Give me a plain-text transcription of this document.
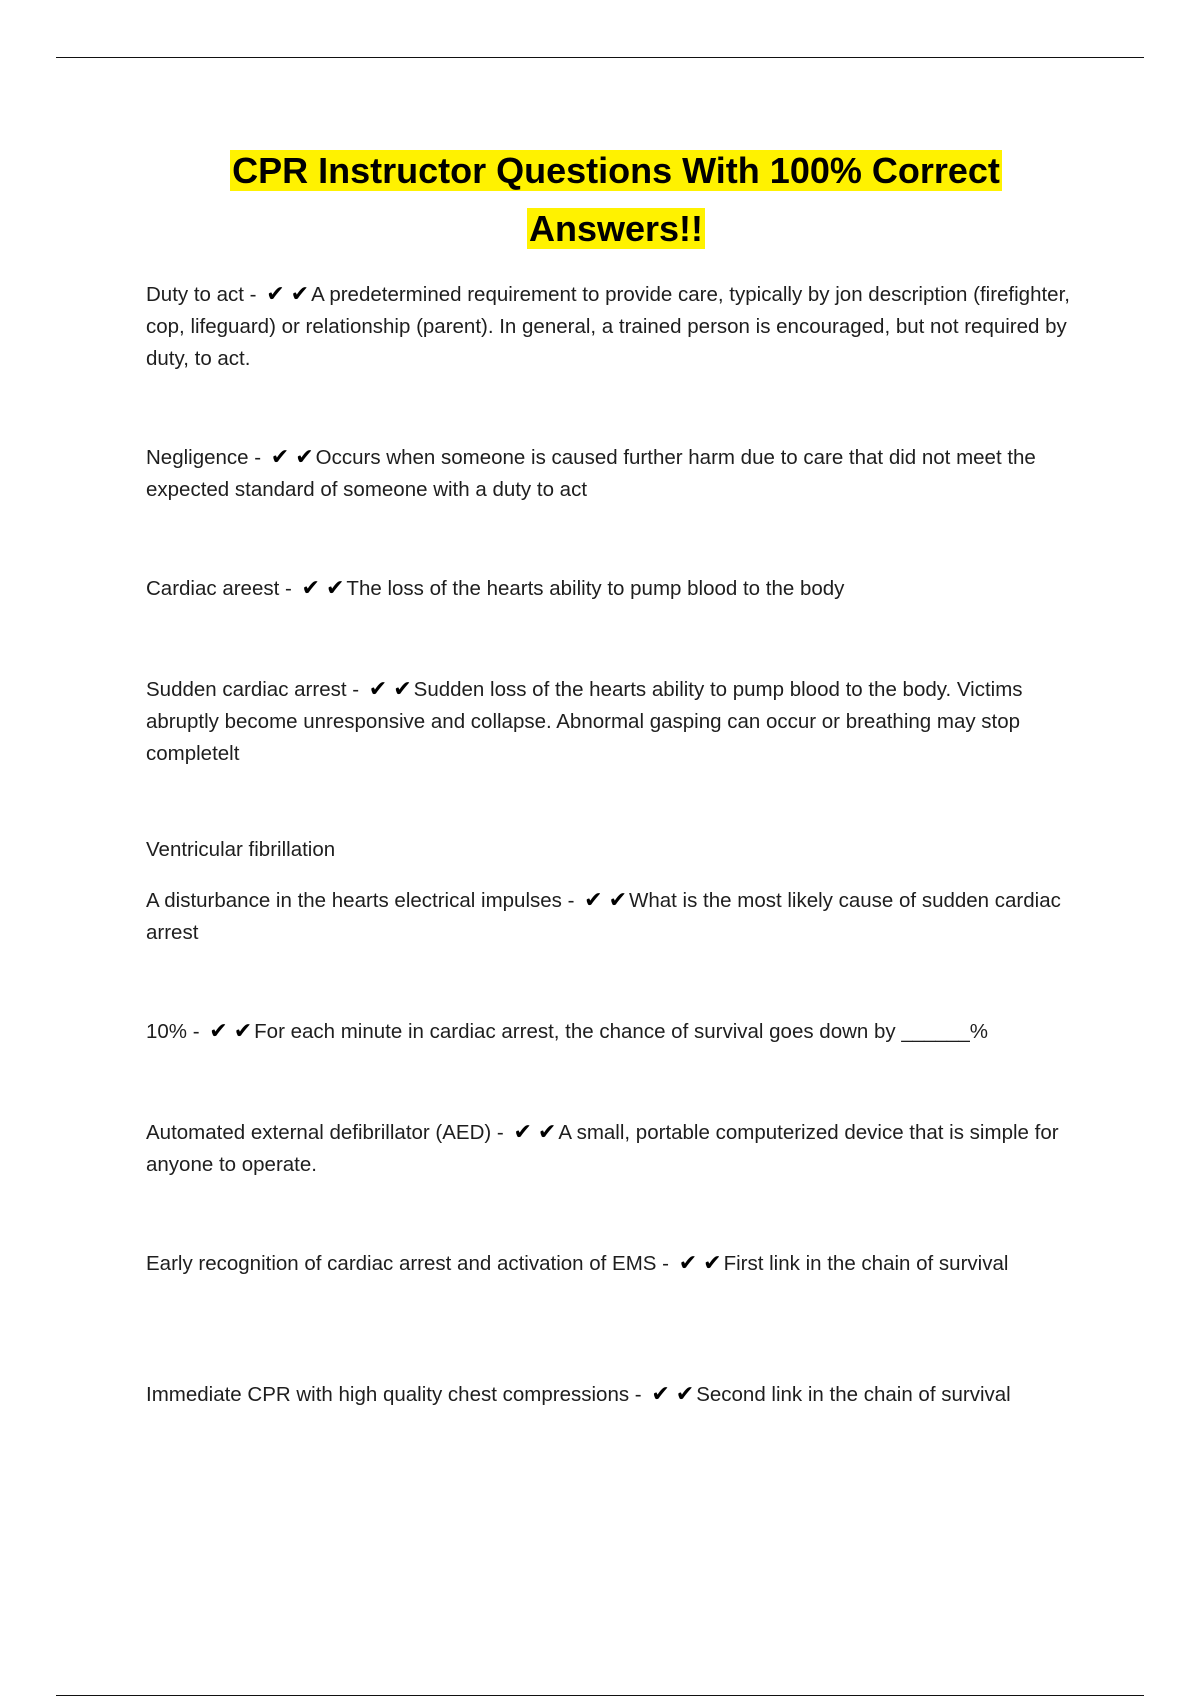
CPR Instructor Questions With 100% Correct
Answers!!
Duty to act - ✔ ✔A predetermined requirement to provide care, typically by jon description (firefighter, cop, lifeguard) or relationship (parent). In general, a trained person is encouraged, but not required by duty, to act.
Negligence - ✔ ✔Occurs when someone is caused further harm due to care that did not meet the expected standard of someone with a duty to act
Cardiac areest - ✔ ✔The loss of the hearts ability to pump blood to the body
Sudden cardiac arrest - ✔ ✔Sudden loss of the hearts ability to pump blood to the body. Victims abruptly become unresponsive and collapse. Abnormal gasping can occur or breathing may stop completelt
Ventricular fibrillation
A disturbance in the hearts electrical impulses - ✔ ✔What is the most likely cause of sudden cardiac arrest
10% - ✔ ✔For each minute in cardiac arrest, the chance of survival goes down by ______%
Automated external defibrillator (AED) - ✔ ✔A small, portable computerized device that is simple for anyone to operate.
Early recognition of cardiac arrest and activation of EMS - ✔ ✔First link in the chain of survival
Immediate CPR with high quality chest compressions - ✔ ✔Second link in the chain of survival
